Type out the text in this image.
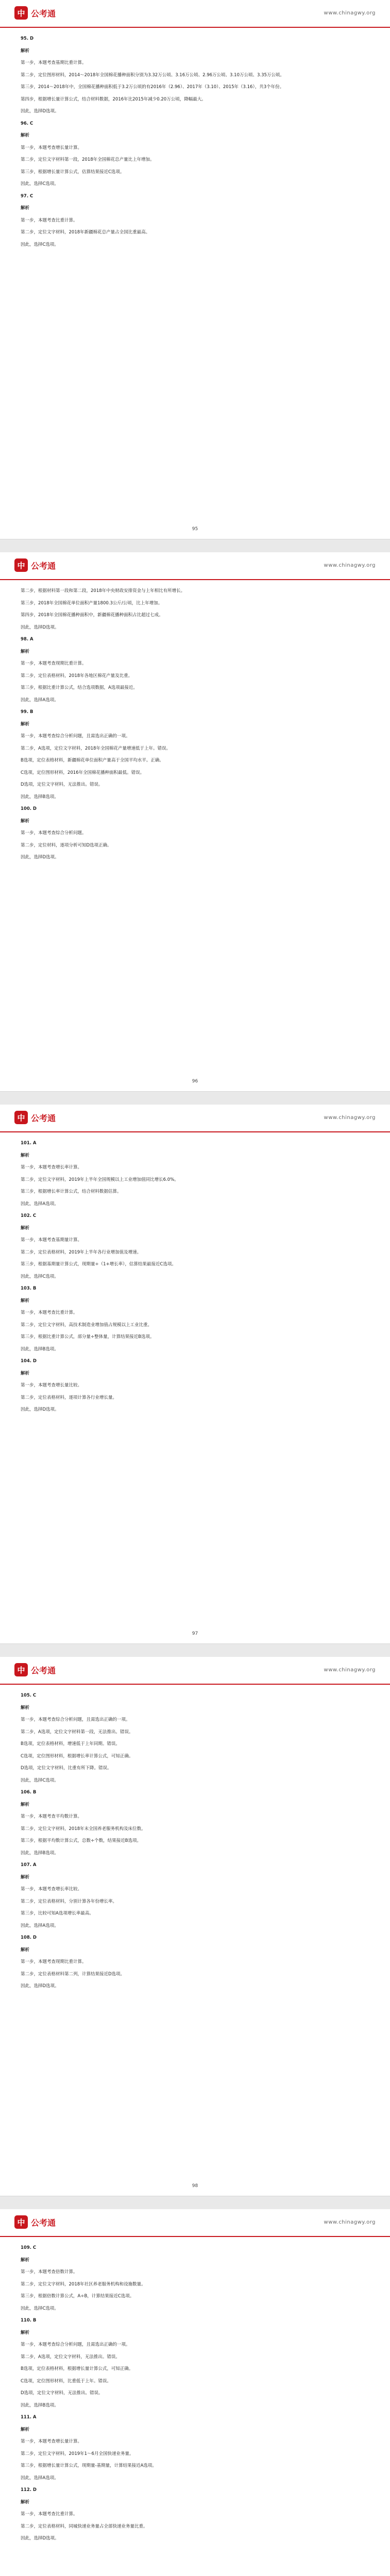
中 公考通	www.chinagwy.org

95. D

解析

第一步，本题考查基期比重计算。

第二步，定位图形材料，2014～2018年全国棉花播种面积分别为3.32万公顷、3.16万公顷、2.96万公顷、3.10万公顷、3.35万公顷。

第三步，2014～2018年中，全国棉花播种面积低于3.2万公顷的有2016年（2.96）、2017年（3.10）、2015年（3.16），共3个年份。

第四步，根据增长量计算公式，结合材料数据，2016年比2015年减少0.20万公顷，降幅最大。

因此，选择D选项。

96. C

解析

第一步，本题考查增长量计算。

第二步，定位文字材料第一段，2018年全国棉花总产量比上年增加。

第三步，根据增长量计算公式，估算结果接近C选项。

因此，选择C选项。

97. C

解析

第一步，本题考查比重计算。

第二步，定位文字材料，2018年新疆棉花总产量占全国比重最高。

因此，选择C选项。

95
中 公考通	www.chinagwy.org

第二步，根据材料第一段和第二段，2018年中央财政安排资金与上年相比有所增长。

第三步，2018年全国棉花单位面积产量1800.3公斤/公顷，比上年增加。

第四步，2018年全国棉花播种面积中，新疆棉花播种面积占比超过七成。

因此，选择D选项。

98. A

解析

第一步，本题考查现期比重计算。

第二步，定位表格材料，2018年各地区棉花产量及比重。

第三步，根据比重计算公式，结合选项数据，A选项最接近。

因此，选择A选项。

99. B

解析

第一步，本题考查综合分析问题，且需选出正确的一项。

第二步，A选项，定位文字材料，2018年全国棉花产量增速低于上年。错误。

B选项，定位表格材料，新疆棉花单位面积产量高于全国平均水平。正确。

C选项，定位图形材料，2016年全国棉花播种面积最低。错误。

D选项，定位文字材料，无法推出。错误。

因此，选择B选项。

100. D

解析

第一步，本题考查综合分析问题。

第二步，定位材料，逐项分析可知D选项正确。

因此，选择D选项。

96
中 公考通	www.chinagwy.org

101. A

解析

第一步，本题考查增长率计算。

第二步，定位文字材料，2019年上半年全国规模以上工业增加值同比增长6.0%。

第三步，根据增长率计算公式，结合材料数据估算。

因此，选择A选项。

102. C

解析

第一步，本题考查基期量计算。

第二步，定位表格材料，2019年上半年各行业增加值及增速。

第三步，根据基期量计算公式，现期量÷（1+增长率），估算结果最接近C选项。

因此，选择C选项。

103. B

解析

第一步，本题考查比重计算。

第二步，定位文字材料，高技术制造业增加值占规模以上工业比重。

第三步，根据比重计算公式，部分量÷整体量，计算结果接近B选项。

因此，选择B选项。

104. D

解析

第一步，本题考查增长量比较。

第二步，定位表格材料，逐项计算各行业增长量。

因此，选择D选项。

97
中 公考通	www.chinagwy.org

105. C

解析

第一步，本题考查综合分析问题，且需选出正确的一项。

第二步，A选项，定位文字材料第一段，无法推出。错误。

B选项，定位表格材料，增速低于上年同期。错误。

C选项，定位图形材料，根据增长率计算公式，可知正确。

D选项，定位文字材料，比重有所下降。错误。

因此，选择C选项。

106. B

解析

第一步，本题考查平均数计算。

第二步，定位文字材料，2018年末全国养老服务机构及床位数。

第三步，根据平均数计算公式，总数÷个数，结果接近B选项。

因此，选择B选项。

107. A

解析

第一步，本题考查增长率比较。

第二步，定位表格材料，分别计算各年份增长率。

第三步，比较可知A选项增长率最高。

因此，选择A选项。

108. D

解析

第一步，本题考查现期比重计算。

第二步，定位表格材料第二列，计算结果接近D选项。

因此，选择D选项。

98
中 公考通	www.chinagwy.org

109. C

解析

第一步，本题考查倍数计算。

第二步，定位文字材料，2018年社区养老服务机构和设施数量。

第三步，根据倍数计算公式，A÷B，计算结果接近C选项。

因此，选择C选项。

110. B

解析

第一步，本题考查综合分析问题，且需选出正确的一项。

第二步，A选项，定位文字材料，无法推出。错误。

B选项，定位表格材料，根据增长量计算公式，可知正确。

C选项，定位图形材料，比重低于上年。错误。

D选项，定位文字材料，无法推出。错误。

因此，选择B选项。

111. A

解析

第一步，本题考查增长量计算。

第二步，定位文字材料，2019年1～6月全国快递业务量。

第三步，根据增长量计算公式，现期量-基期量，计算结果接近A选项。

因此，选择A选项。

112. D

解析

第一步，本题考查比重计算。

第二步，定位表格材料，同城快递业务量占全部快递业务量比重。

因此，选择D选项。
